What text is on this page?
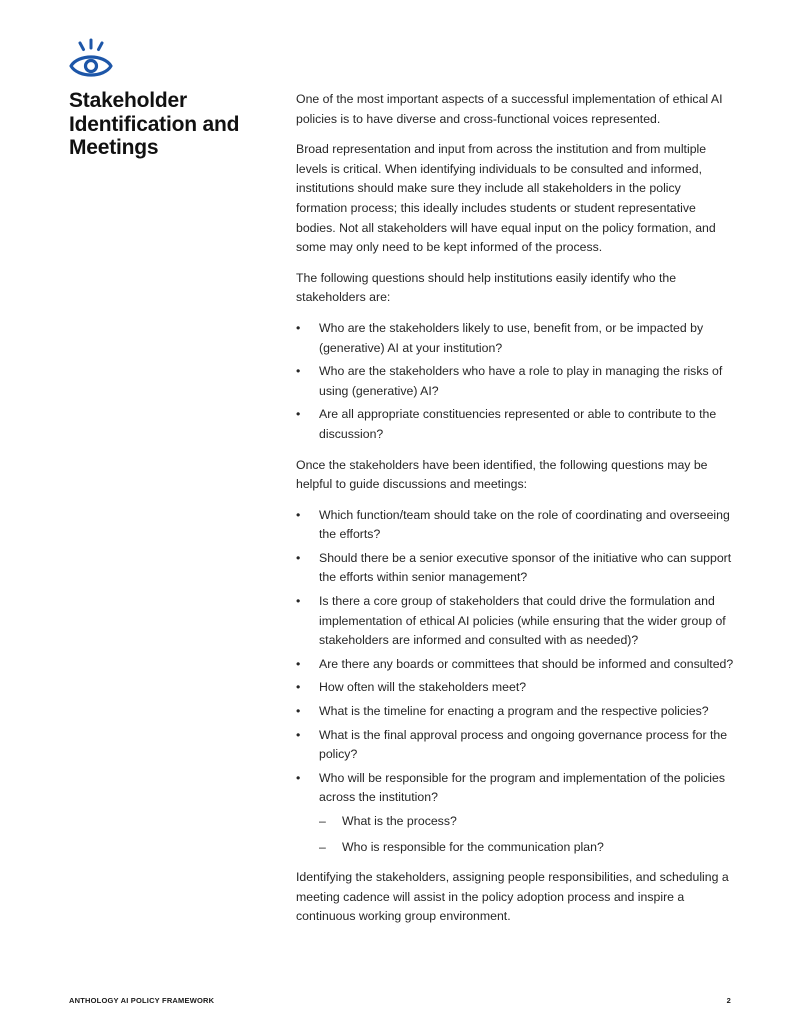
Stakeholder Identification and Meetings

One of the most important aspects of a successful implementation of ethical AI policies is to have diverse and cross-functional voices represented.

Broad representation and input from across the institution and from multiple levels is critical. When identifying individuals to be consulted and informed, institutions should make sure they include all stakeholders in the policy formation process; this ideally includes students or student representative bodies. Not all stakeholders will have equal input on the policy formation, and some may only need to be kept informed of the process.

The following questions should help institutions easily identify who the stakeholders are:

• Who are the stakeholders likely to use, benefit from, or be impacted by (generative) AI at your institution?
• Who are the stakeholders who have a role to play in managing the risks of using (generative) AI?
• Are all appropriate constituencies represented or able to contribute to the discussion?

Once the stakeholders have been identified, the following questions may be helpful to guide discussions and meetings:

• Which function/team should take on the role of coordinating and overseeing the efforts?
• Should there be a senior executive sponsor of the initiative who can support the efforts within senior management?
• Is there a core group of stakeholders that could drive the formulation and implementation of ethical AI policies (while ensuring that the wider group of stakeholders are informed and consulted with as needed)?
• Are there any boards or committees that should be informed and consulted?
• How often will the stakeholders meet?
• What is the timeline for enacting a program and the respective policies?
• What is the final approval process and ongoing governance process for the policy?
• Who will be responsible for the program and implementation of the policies across the institution?
– What is the process?
– Who is responsible for the communication plan?

Identifying the stakeholders, assigning people responsibilities, and scheduling a meeting cadence will assist in the policy adoption process and inspire a continuous working group environment.

ANTHOLOGY AI POLICY FRAMEWORK	2
